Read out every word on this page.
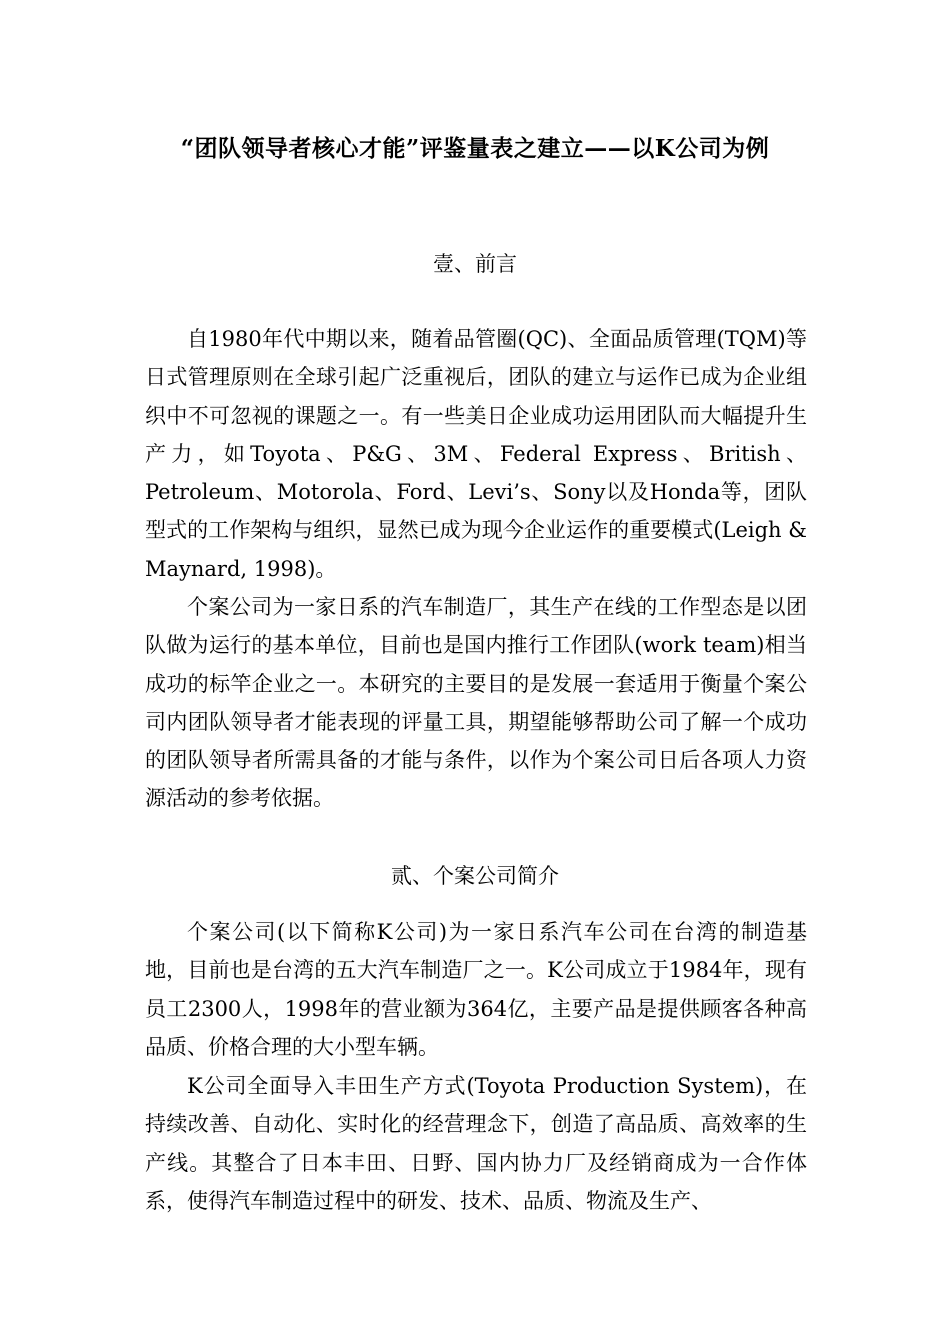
“团队领导者核心才能”评鉴量表之建立——以K公司为例
壹、前言

自1980年代中期以来，随着品管圈(QC)、全面品质管理(TQM)等日式管理原则在全球引起广泛重视后，团队的建立与运作已成为企业组织中不可忽视的课题之一。有一些美日企业成功运用团队而大幅提升生产力，如Toyota、P&G、3M、Federal Express、British、Petroleum、Motorola、Ford、Levi’s、Sony以及Honda等，团队型式的工作架构与组织，显然已成为现今企业运作的重要模式(Leigh & Maynard, 1998)。

个案公司为一家日系的汽车制造厂，其生产在线的工作型态是以团队做为运行的基本单位，目前也是国内推行工作团队(work team)相当成功的标竿企业之一。本研究的主要目的是发展一套适用于衡量个案公司内团队领导者才能表现的评量工具，期望能够帮助公司了解一个成功的团队领导者所需具备的才能与条件，以作为个案公司日后各项人力资源活动的参考依据。

贰、个案公司简介

个案公司(以下简称K公司)为一家日系汽车公司在台湾的制造基地，目前也是台湾的五大汽车制造厂之一。K公司成立于1984年，现有员工2300人，1998年的营业额为364亿，主要产品是提供顾客各种高品质、价格合理的大小型车辆。

K公司全面导入丰田生产方式(Toyota Production System)，在持续改善、自动化、实时化的经营理念下，创造了高品质、高效率的生产线。其整合了日本丰田、日野、国内协力厂及经销商成为一合作体系，使得汽车制造过程中的研发、技术、品质、物流及生产、
